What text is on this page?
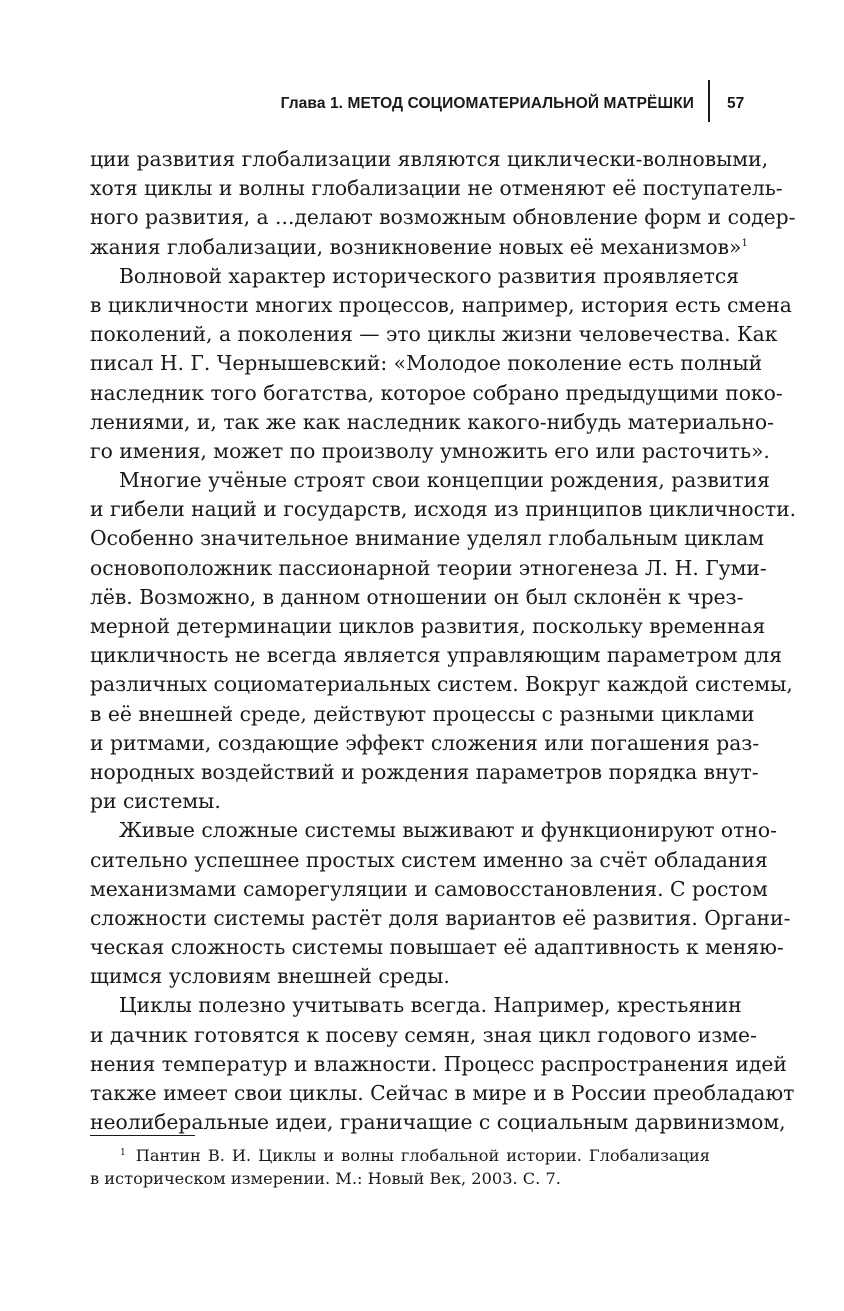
Глава 1. МЕТОД СОЦИОМАТЕРИАЛЬНОЙ МАТРЁШКИ 57
ции развития глобализации являются циклически-волновыми,
хотя циклы и волны глобализации не отменяют её поступатель-
ного развития, а ...делают возможным обновление форм и содер-
жания глобализации, возникновение новых её механизмов»$^1$
Волновой характер исторического развития проявляется
в цикличности многих процессов, например, история есть смена
поколений, а поколения — это циклы жизни человечества. Как
писал Н. Г. Чернышевский: «Молодое поколение есть полный
наследник того богатства, которое собрано предыдущими поко-
лениями, и, так же как наследник какого-нибудь материально-
го имения, может по произволу умножить его или расточить».
Многие учёные строят свои концепции рождения, развития
и гибели наций и государств, исходя из принципов цикличности.
Особенно значительное внимание уделял глобальным циклам
основоположник пассионарной теории этногенеза Л. Н. Гуми-
лёв. Возможно, в данном отношении он был склонён к чрез-
мерной детерминации циклов развития, поскольку временная
цикличность не всегда является управляющим параметром для
различных социоматериальных систем. Вокруг каждой системы,
в её внешней среде, действуют процессы с разными циклами
и ритмами, создающие эффект сложения или погашения раз-
нородных воздействий и рождения параметров порядка внут-
ри системы.
Живые сложные системы выживают и функционируют отно-
сительно успешнее простых систем именно за счёт обладания
механизмами саморегуляции и самовосстановления. С ростом
сложности системы растёт доля вариантов её развития. Органи-
ческая сложность системы повышает её адаптивность к меняю-
щимся условиям внешней среды.
Циклы полезно учитывать всегда. Например, крестьянин
и дачник готовятся к посеву семян, зная цикл годового изме-
нения температур и влажности. Процесс распространения идей
также имеет свои циклы. Сейчас в мире и в России преобладают
неолиберальные идеи, граничащие с социальным дарвинизмом,
$^1$ Пантин В. И. Циклы и волны глобальной истории. Глобализация
в историческом измерении. М.: Новый Век, 2003. С. 7.
